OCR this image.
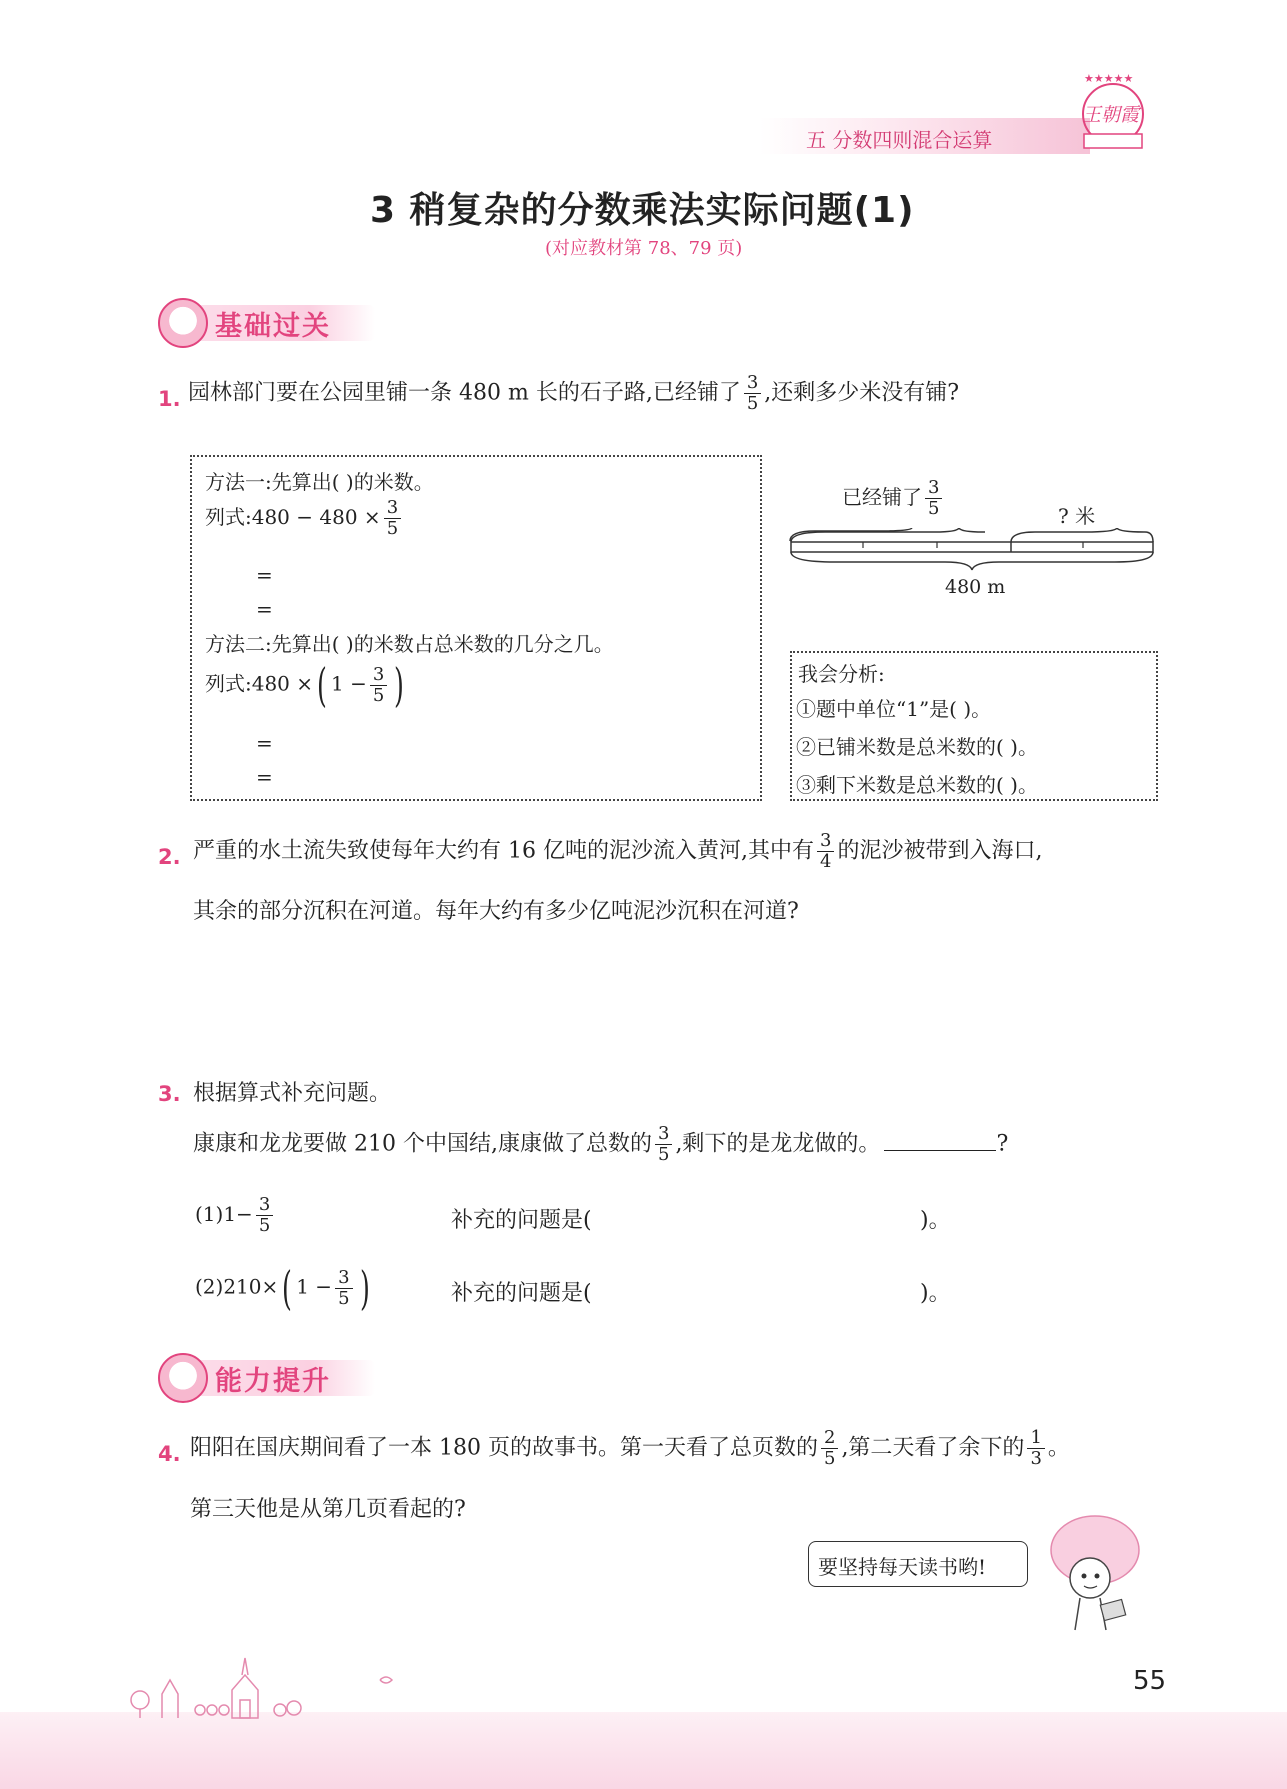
五 分数四则混合运算
★★★★★
王朝霞
3 稍复杂的分数乘法实际问题(1)
(对应教材第 78、79 页)
基础过关
1. 园林部门要在公园里铺一条 480 m 长的石子路,已经铺了 $\frac{3}{5}$ ,还剩多少米没有铺?
方法一:先算出( )的米数。
列式:480 − $480 \times \frac{3}{5}$
=
=
方法二:先算出( )的米数占总米数的几分之几。
列式:480 ×( $1 - \frac{3}{5}$ )
=
=
已经铺了 $\frac{3}{5}$	? 米
480 m
我会分析:
①题中单位“1”是( )。
②已铺米数是总米数的( )。
③剩下米数是总米数的( )。
2. 严重的水土流失致使每年大约有 16 亿吨的泥沙流入黄河,其中有 $\frac{3}{4}$ 的泥沙被带到入海口,
其余的部分沉积在河道。每年大约有多少亿吨泥沙沉积在河道?
3. 根据算式补充问题。
康康和龙龙要做 210 个中国结,康康做了总数的 $\frac{3}{5}$ ,剩下的是龙龙做的。	?
$(1)1- \frac{3}{5}$	补充的问题是(	)。
(2)210×( $1 - \frac{3}{5}$ )	补充的问题是(	)。
能力提升
4. 阳阳在国庆期间看了一本 180 页的故事书。第一天看了总页数的 $\frac{2}{5}$ ,第二天看了余下的 $\frac{1}{3}$ 。
第三天他是从第几页看起的?
要坚持每天读书哟!
55
